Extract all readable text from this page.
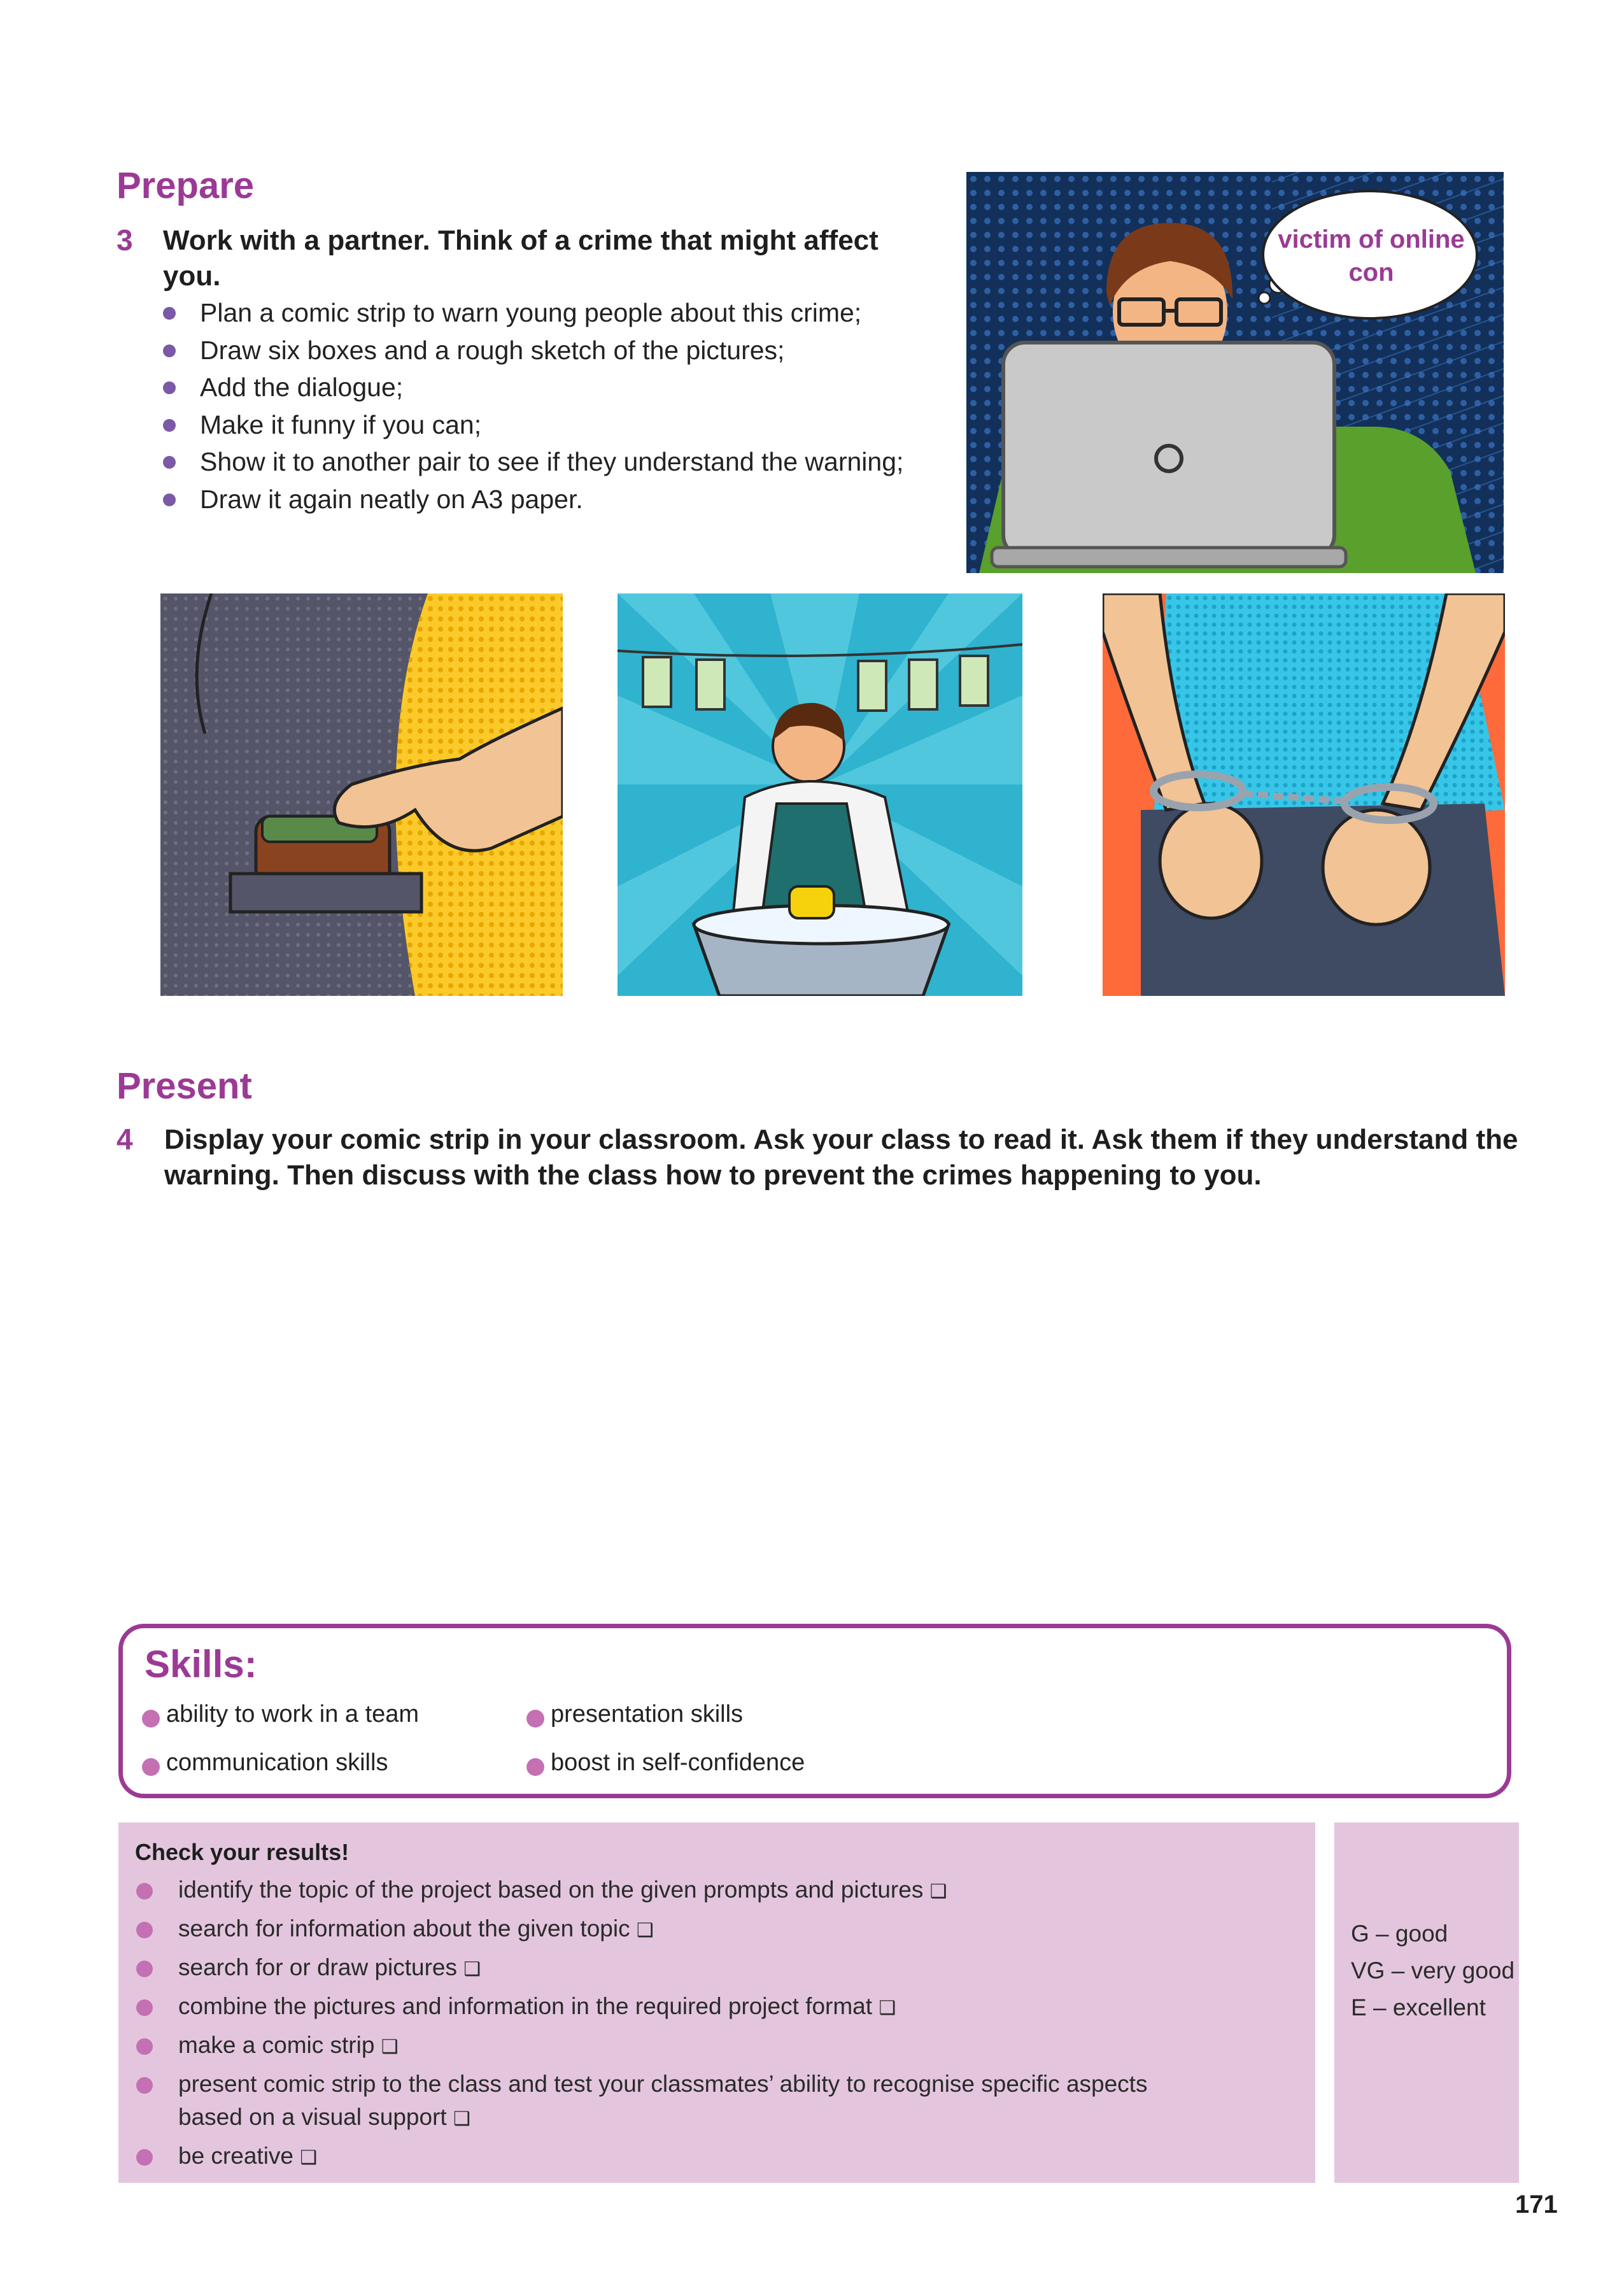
Prepare
3 Work with a partner. Think of a crime that might affect you.
Plan a comic strip to warn young people about this crime;
Draw six boxes and a rough sketch of the pictures;
Add the dialogue;
Make it funny if you can;
Show it to another pair to see if they understand the warning;
Draw it again neatly on A3 paper.
victim of online con
Present
4 Display your comic strip in your classroom. Ask your class to read it. Ask them if they understand the warning. Then discuss with the class how to prevent the crimes happening to you.
Skills:
ability to work in a team	presentation skills
communication skills	boost in self-confidence
Check your results!
identify the topic of the project based on the given prompts and pictures ❑
search for information about the given topic ❑
search for or draw pictures ❑
combine the pictures and information in the required project format ❑
make a comic strip ❑
present comic strip to the class and test your classmates’ ability to recognise specific aspects based on a visual support ❑
be creative ❑
G – good
VG – very good
E – excellent
171
